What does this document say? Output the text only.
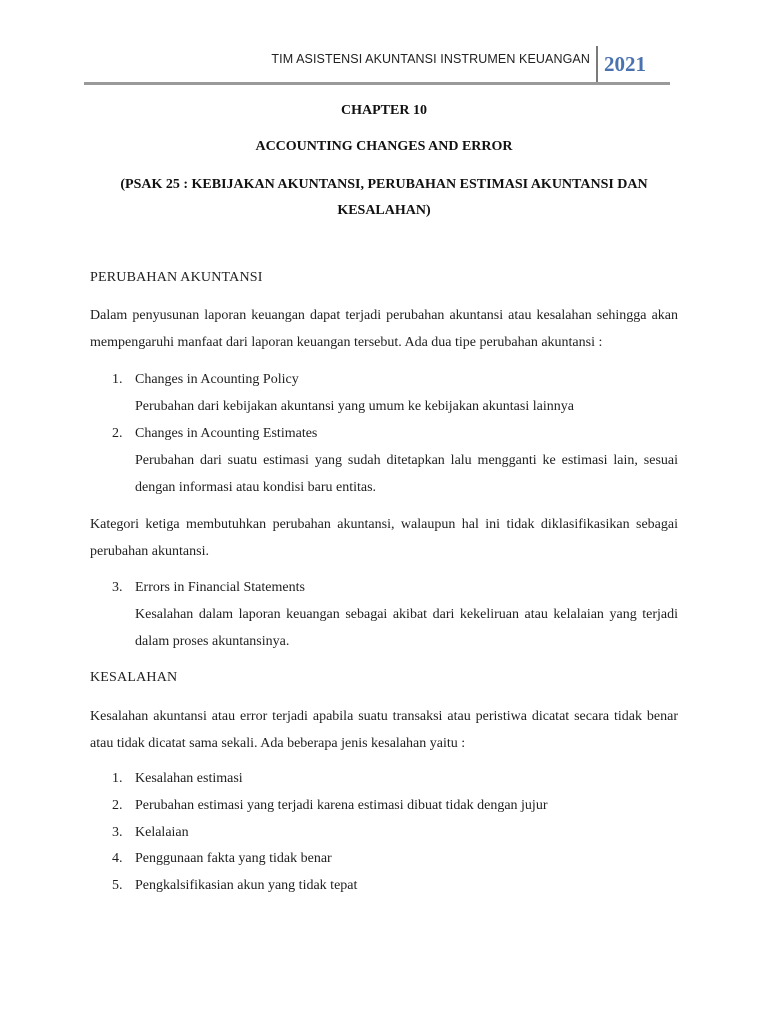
TIM ASISTENSI AKUNTANSI INSTRUMEN KEUANGAN 2021
CHAPTER 10
ACCOUNTING CHANGES AND ERROR
(PSAK 25 : KEBIJAKAN AKUNTANSI, PERUBAHAN ESTIMASI AKUNTANSI DAN
KESALAHAN)
PERUBAHAN AKUNTANSI
Dalam penyusunan laporan keuangan dapat terjadi perubahan akuntansi atau kesalahan sehingga akan mempengaruhi manfaat dari laporan keuangan tersebut. Ada dua tipe perubahan akuntansi :
1. Changes in Acounting Policy
Perubahan dari kebijakan akuntansi yang umum ke kebijakan akuntasi lainnya
2. Changes in Acounting Estimates
Perubahan dari suatu estimasi yang sudah ditetapkan lalu mengganti ke estimasi lain, sesuai dengan informasi atau kondisi baru entitas.
Kategori ketiga membutuhkan perubahan akuntansi, walaupun hal ini tidak diklasifikasikan sebagai perubahan akuntansi.
3. Errors in Financial Statements
Kesalahan dalam laporan keuangan sebagai akibat dari kekeliruan atau kelalaian yang terjadi dalam proses akuntansinya.
KESALAHAN
Kesalahan akuntansi atau error terjadi apabila suatu transaksi atau peristiwa dicatat secara tidak benar atau tidak dicatat sama sekali. Ada beberapa jenis kesalahan yaitu :
1. Kesalahan estimasi
2. Perubahan estimasi yang terjadi karena estimasi dibuat tidak dengan jujur
3. Kelalaian
4. Penggunaan fakta yang tidak benar
5. Pengkalsifikasian akun yang tidak tepat
